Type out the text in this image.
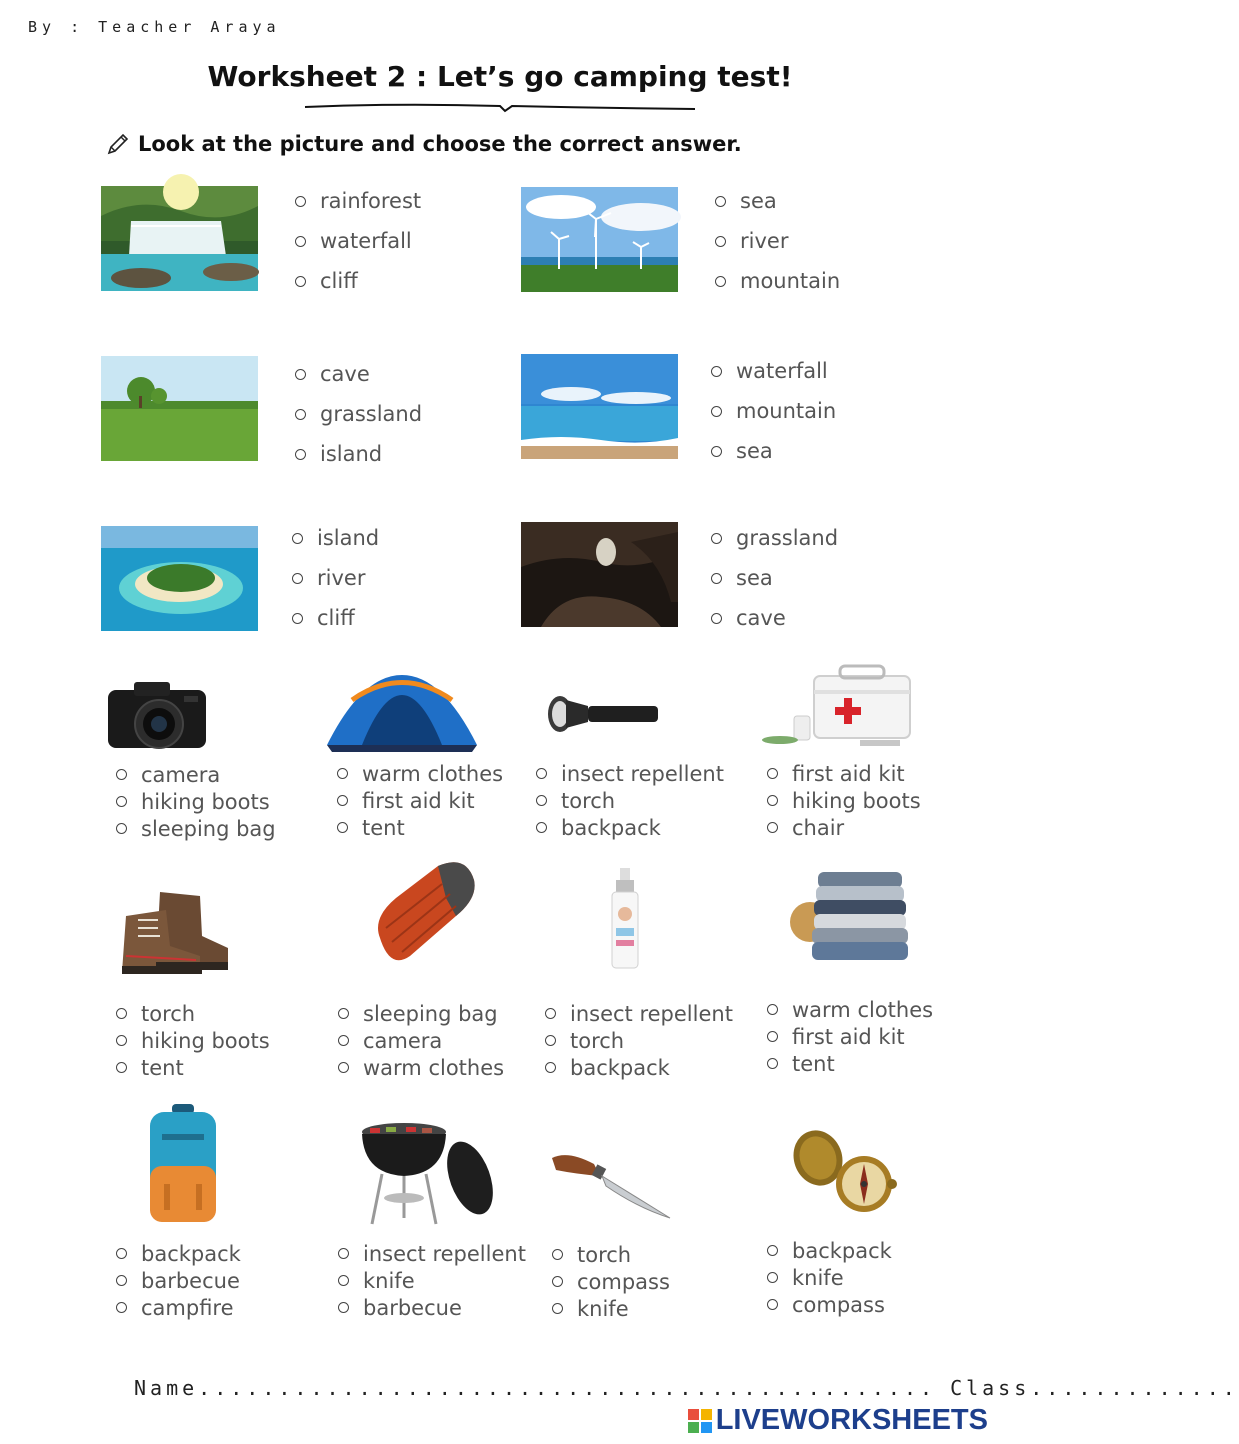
By : Teacher Araya
Worksheet 2 : Let’s go camping test!
Look at the picture and choose the correct answer.
rainforest
waterfall
cliff
sea
river
mountain
cave
grassland
island
waterfall
mountain
sea
island
river
cliff
grassland
sea
cave
camera
hiking boots
sleeping bag
warm clothes
first aid kit
tent
insect repellent
torch
backpack
first aid kit
hiking boots
chair
torch
hiking boots
tent
sleeping bag
camera
warm clothes
insect repellent
torch
backpack
warm clothes
first aid kit
tent
backpack
barbecue
campfire
insect repellent
knife
barbecue
torch
compass
knife
backpack
knife
compass
Name.............................................. Class.............
LIVEWORKSHEETS
